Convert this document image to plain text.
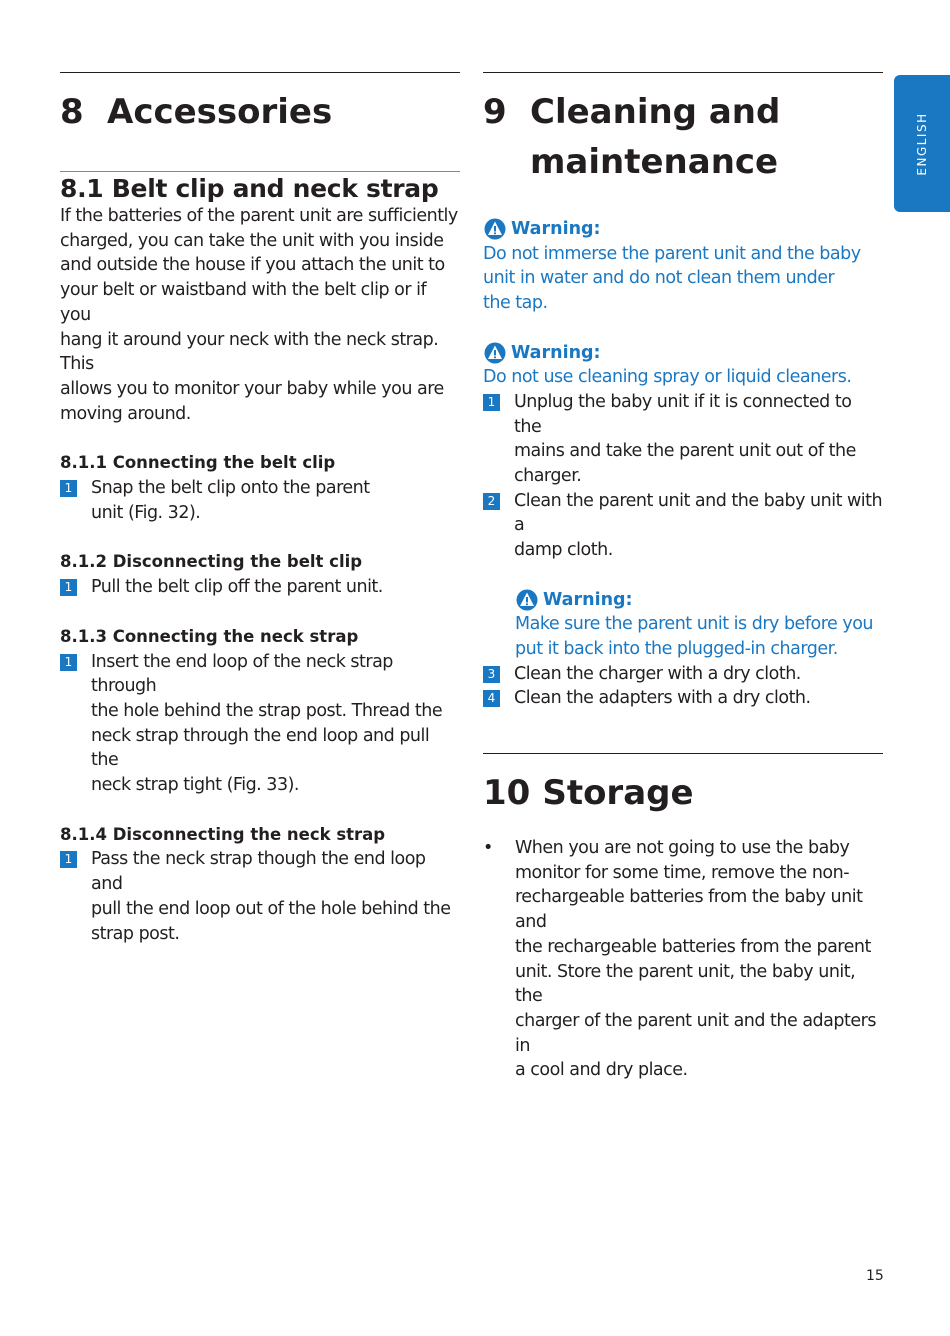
8 Accessories
8.1 Belt clip and neck strap

If the batteries of the parent unit are sufficiently

charged, you can take the unit with you inside

and outside the house if you attach the unit to

your belt or waistband with the belt clip or if you

hang it around your neck with the neck strap. This

allows you to monitor your baby while you are

moving around.

8.1.1 Connecting the belt clip
1 Snap the belt clip onto the parent
unit (Fig. 32).
8.1.2 Disconnecting the belt clip
1 Pull the belt clip off the parent unit.
8.1.3 Connecting the neck strap
1 Insert the end loop of the neck strap through
the hole behind the strap post. Thread the
neck strap through the end loop and pull the
neck strap tight (Fig. 33).
8.1.4 Disconnecting the neck strap
1 Pass the neck strap though the end loop and
pull the end loop out of the hole behind the
strap post.
9 Cleaning and
maintenance
Warning:
Do not immerse the parent unit and the baby
unit in water and do not clean them under
the tap.
Warning:
Do not use cleaning spray or liquid cleaners.
1 Unplug the baby unit if it is connected to the
mains and take the parent unit out of the
charger.
2 Clean the parent unit and the baby unit with a
damp cloth.
Warning:
Make sure the parent unit is dry before you
put it back into the plugged-in charger.
3 Clean the charger with a dry cloth.
4 Clean the adapters with a dry cloth.
10 Storage
•	When you are not going to use the baby
monitor for some time, remove the non-
rechargeable batteries from the baby unit and
the rechargeable batteries from the parent
unit. Store the parent unit, the baby unit, the
charger of the parent unit and the adapters in
a cool and dry place.
ENGLISH
15
